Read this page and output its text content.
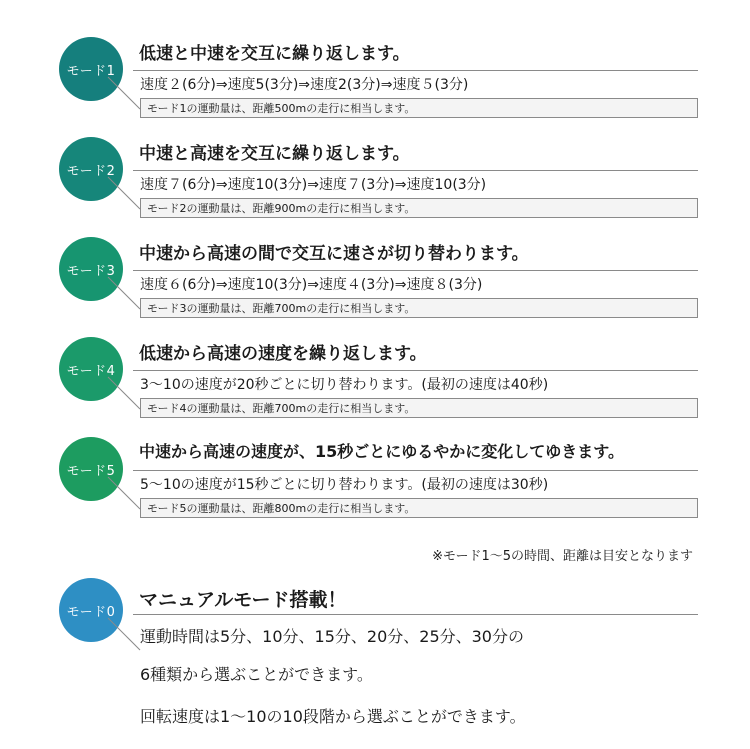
モード1
低速と中速を交互に繰り返します。
速度２(6分)⇒速度5(3分)⇒速度2(3分)⇒速度５(3分)
モード1の運動量は、距離500mの走行に相当します。
モード2
中速と高速を交互に繰り返します。
速度７(6分)⇒速度10(3分)⇒速度７(3分)⇒速度10(3分)
モード2の運動量は、距離900mの走行に相当します。
モード3
中速から高速の間で交互に速さが切り替わります。
速度６(6分)⇒速度10(3分)⇒速度４(3分)⇒速度８(3分)
モード3の運動量は、距離700mの走行に相当します。
モード4
低速から高速の速度を繰り返します。
3〜10の速度が20秒ごとに切り替わります。(最初の速度は40秒)
モード4の運動量は、距離700mの走行に相当します。
モード5
中速から高速の速度が、15秒ごとにゆるやかに変化してゆきます。
5〜10の速度が15秒ごとに切り替わります。(最初の速度は30秒)
モード5の運動量は、距離800mの走行に相当します。
※モード1〜5の時間、距離は目安となります
モード0
マニュアルモード搭載！
運動時間は5分、10分、15分、20分、25分、30分の
6種類から選ぶことができます。
回転速度は1〜10の10段階から選ぶことができます。
